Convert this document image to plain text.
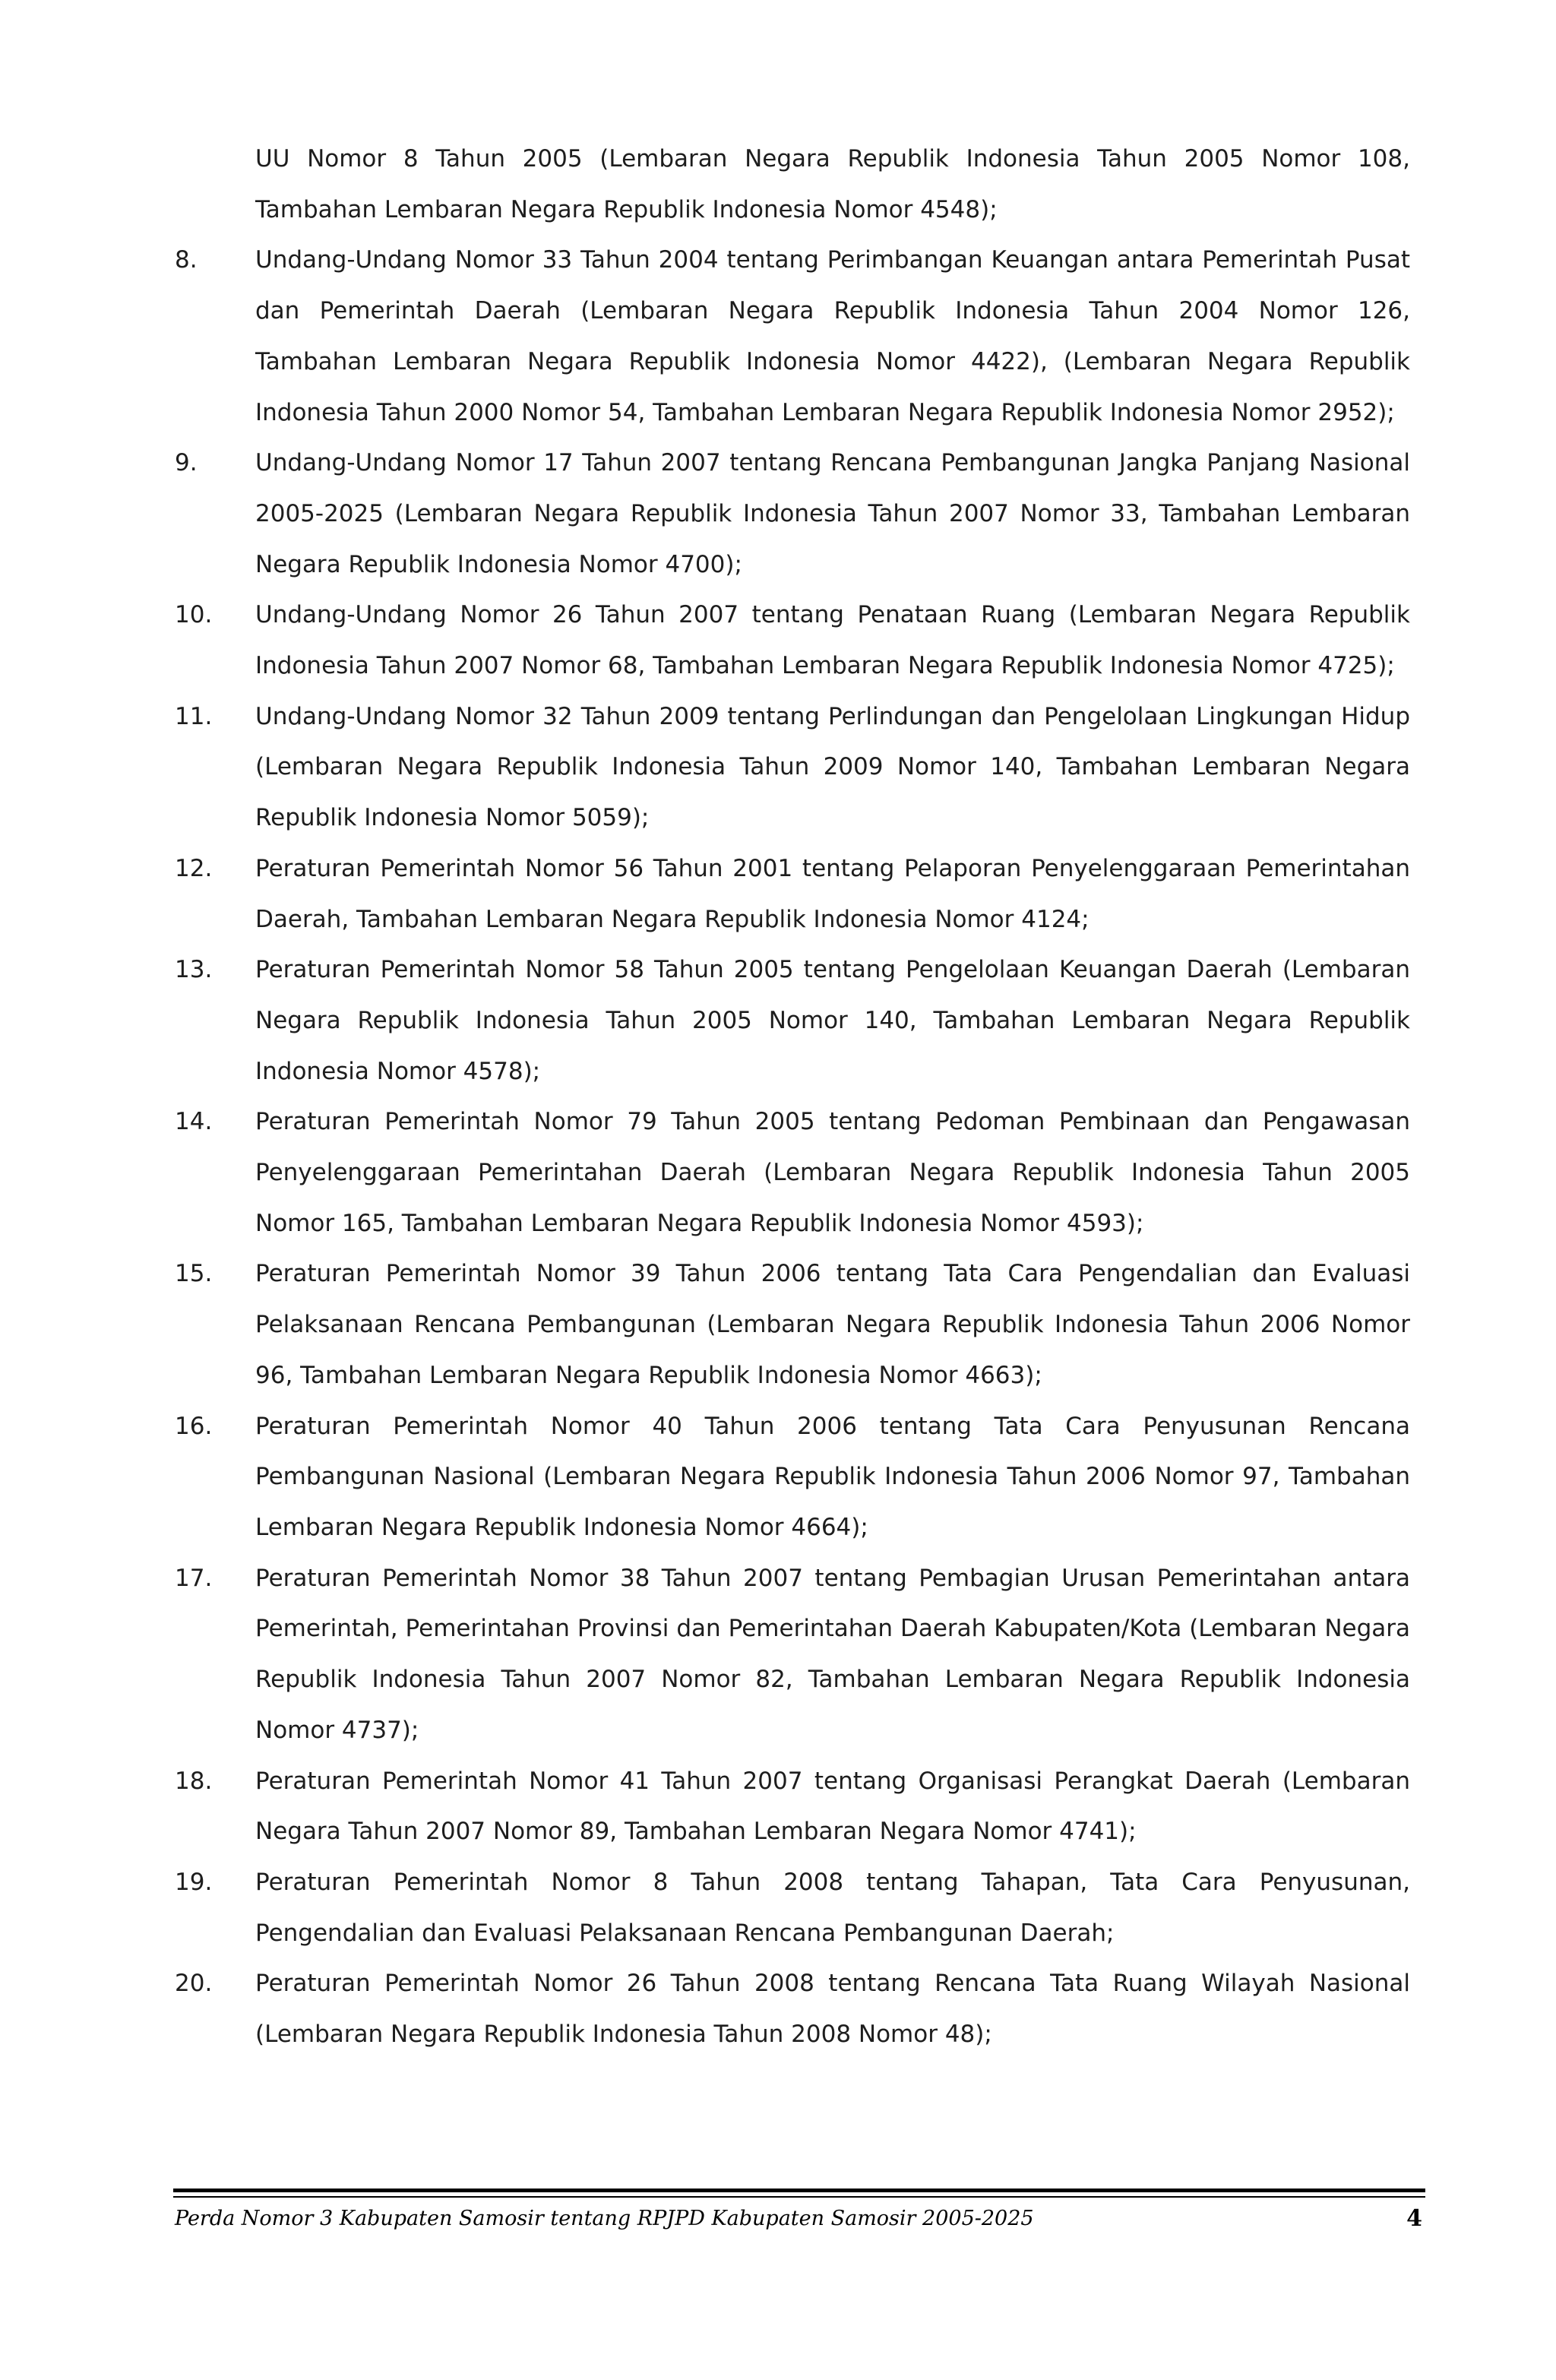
UU Nomor 8 Tahun 2005 (Lembaran Negara Republik Indonesia Tahun 2005 Nomor 108, Tambahan Lembaran Negara Republik Indonesia Nomor 4548);
8.	Undang-Undang Nomor 33 Tahun 2004 tentang Perimbangan Keuangan antara Pemerintah Pusat dan Pemerintah Daerah (Lembaran Negara Republik Indonesia Tahun 2004 Nomor 126, Tambahan Lembaran Negara Republik Indonesia Nomor 4422), (Lembaran Negara Republik Indonesia Tahun 2000 Nomor 54, Tambahan Lembaran Negara Republik Indonesia Nomor 2952);
9.	Undang-Undang Nomor 17 Tahun 2007 tentang Rencana Pembangunan Jangka Panjang Nasional 2005-2025 (Lembaran Negara Republik Indonesia Tahun 2007 Nomor 33, Tambahan Lembaran Negara Republik Indonesia Nomor 4700);
10.	Undang-Undang Nomor 26 Tahun 2007 tentang Penataan Ruang (Lembaran Negara Republik Indonesia Tahun 2007 Nomor 68, Tambahan Lembaran Negara Republik Indonesia Nomor 4725);
11.	Undang-Undang Nomor 32 Tahun 2009 tentang Perlindungan dan Pengelolaan Lingkungan Hidup (Lembaran Negara Republik Indonesia Tahun 2009 Nomor 140, Tambahan Lembaran Negara Republik Indonesia Nomor 5059);
12.	Peraturan Pemerintah Nomor 56 Tahun 2001 tentang Pelaporan Penyelenggaraan Pemerintahan Daerah, Tambahan Lembaran Negara Republik Indonesia Nomor 4124;
13.	Peraturan Pemerintah Nomor 58 Tahun 2005 tentang Pengelolaan Keuangan Daerah (Lembaran Negara Republik Indonesia Tahun 2005 Nomor 140, Tambahan Lembaran Negara Republik Indonesia Nomor 4578);
14.	Peraturan Pemerintah Nomor 79 Tahun 2005 tentang Pedoman Pembinaan dan Pengawasan Penyelenggaraan Pemerintahan Daerah (Lembaran Negara Republik Indonesia Tahun 2005 Nomor 165, Tambahan Lembaran Negara Republik Indonesia Nomor 4593);
15.	Peraturan Pemerintah Nomor 39 Tahun 2006 tentang Tata Cara Pengendalian dan Evaluasi Pelaksanaan Rencana Pembangunan (Lembaran Negara Republik Indonesia Tahun 2006 Nomor 96, Tambahan Lembaran Negara Republik Indonesia Nomor 4663);
16.	Peraturan Pemerintah Nomor 40 Tahun 2006 tentang Tata Cara Penyusunan Rencana Pembangunan Nasional (Lembaran Negara Republik Indonesia Tahun 2006 Nomor 97, Tambahan Lembaran Negara Republik Indonesia Nomor 4664);
17.	Peraturan Pemerintah Nomor 38 Tahun 2007 tentang Pembagian Urusan Pemerintahan antara Pemerintah, Pemerintahan Provinsi dan Pemerintahan Daerah Kabupaten/Kota (Lembaran Negara Republik Indonesia Tahun 2007 Nomor 82, Tambahan Lembaran Negara Republik Indonesia Nomor 4737);
18.	Peraturan Pemerintah Nomor 41 Tahun 2007 tentang Organisasi Perangkat Daerah (Lembaran Negara Tahun 2007 Nomor 89, Tambahan Lembaran Negara Nomor 4741);
19.	Peraturan Pemerintah Nomor 8 Tahun 2008 tentang Tahapan, Tata Cara Penyusunan, Pengendalian dan Evaluasi Pelaksanaan Rencana Pembangunan Daerah;
20.	Peraturan Pemerintah Nomor 26 Tahun 2008 tentang Rencana Tata Ruang Wilayah Nasional (Lembaran Negara Republik Indonesia Tahun 2008 Nomor 48);
Perda Nomor 3 Kabupaten Samosir tentang RPJPD Kabupaten Samosir 2005-2025	4
